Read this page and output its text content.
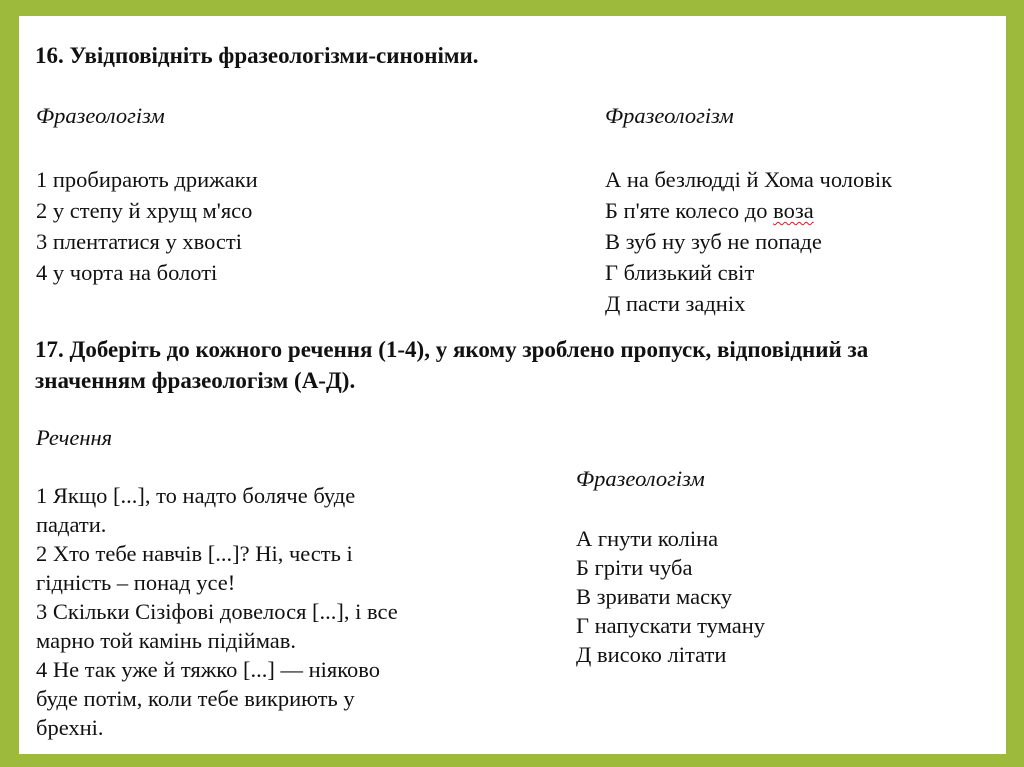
16. Увідповідніть фразеологізми-синоніми.
Фразеологізм	Фразеологізм
1 пробирають дрижаки
2 у степу й хрущ м'ясо
3 плентатися у хвості
4 у чорта на болоті
А на безлюдді й Хома чоловік
Б п'яте колесо до воза
В зуб ну зуб не попаде
Г близький світ
Д пасти задніх
17. Доберіть до кожного речення (1-4), у якому зроблено пропуск, відповідний за
значенням фразеологізм (А-Д).
Речення
1 Якщо [...], то надто боляче буде
падати.
2 Хто тебе навчів [...]? Ні, честь і
гідність – понад усе!
3 Скільки Сізіфові довелося [...], і все
марно той камінь підіймав.
4 Не так уже й тяжко [...] — ніяково
буде потім, коли тебе викриють у
брехні.
Фразеологізм
А гнути коліна
Б гріти чуба
В зривати маску
Г напускати туману
Д високо літати
